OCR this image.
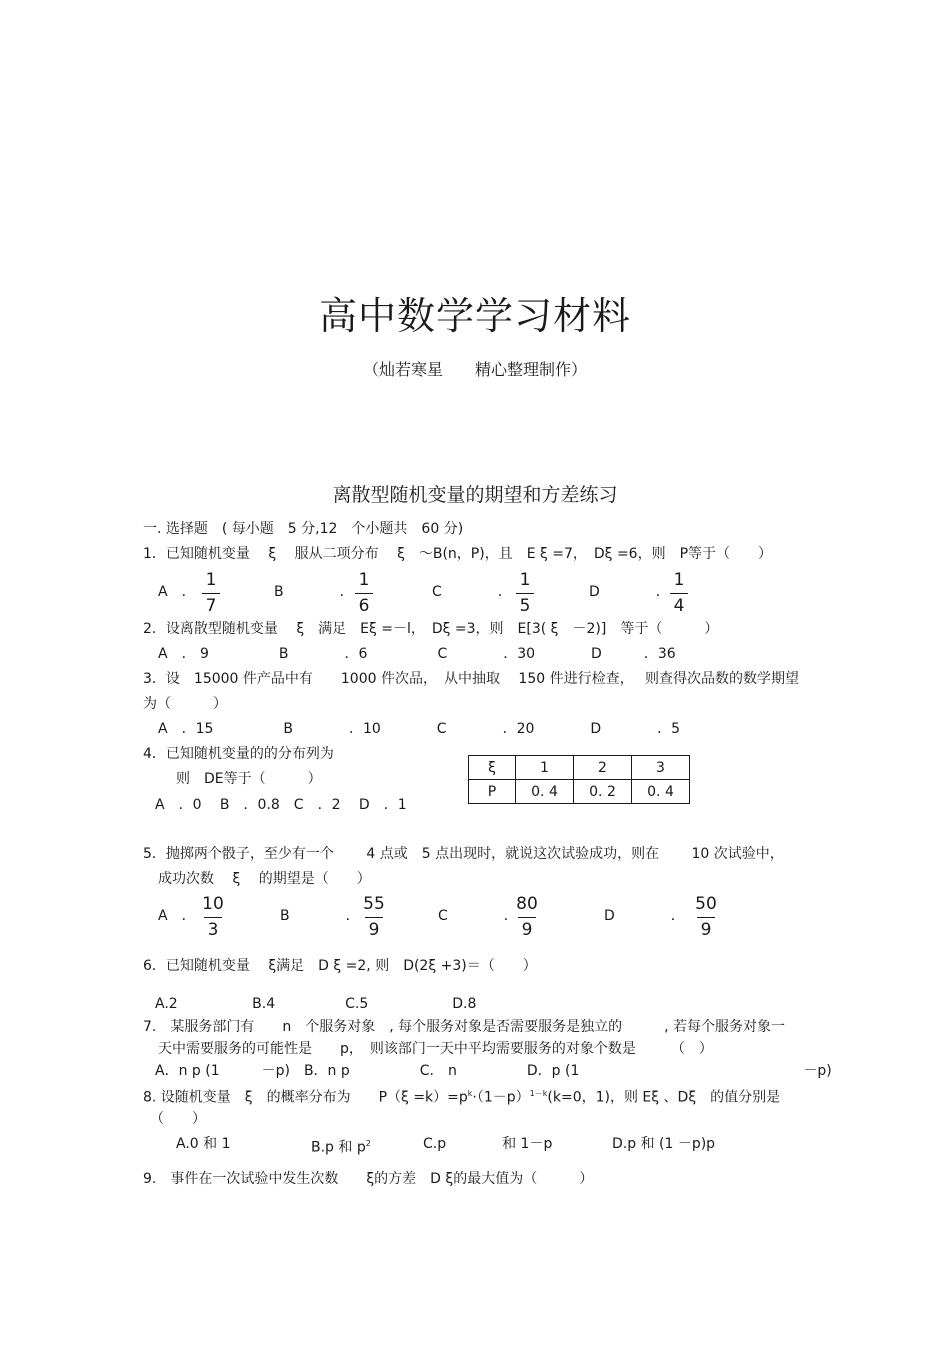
高中数学学习材料
（灿若寒星　　精心整理制作）
离散型随机变量的期望和方差练习
一. 选择题　( 每小题　5 分,12　个小题共　60 分)
1．已知随机变量　 ξ　 服从二项分布　 ξ　～B(n，P)，且　E ξ =7，　Dξ =6，则　P等于（　　）
A　．
1
7
B　　　　．
1
6
C　　　　．
1
5
D　　　　．
1
4
2．设离散型随机变量　 ξ　满足　Eξ =－l，　Dξ =3，则　E[3( ξ　－2)]　等于（　　　）
A　． 9　　　　　B　　　　．6　　　　　C　　　　．30　　　　D　　　．36
3．设　15000 件产品中有　　1000 件次品，　从中抽取　 150 件进行检查，　 则查得次品数的数学期望
为（　　　）
A　．15　　　　　B　　　　．10　　　　C　　　　．20　　　　D　　　　．5
4．已知随机变量的的分布列为
则　DE等于（　　　）
A　．0　 B　．0.8　C　．2　 D　．1
ξ	1	2	3
P	0. 4	0. 2	0. 4
5．抛掷两个骰子，至少有一个　　 4 点或　5 点出现时，就说这次试验成功，则在　　 10 次试验中，
成功次数　 ξ　 的期望是（　　）
A　．
10
3
B　　　　．
55
9
C　　　　．
80
9
D　　　　．
50
9
6．已知随机变量　 ξ满足　D ξ =2, 则　D(2ξ +3)＝（　　）
A.2　　　　　 B.4　　　　　C.5　　　　　　D.8
7.　某服务部门有　　n　个服务对象　, 每个服务对象是否需要服务是独立的　　　, 若每个服务对象一
天中需要服务的可能性是　　p，　则该部门一天中平均需要服务的对象个数是　　　（　）
A．n p (1　　　－p)　B．n p　　　　　C.　n　　　　　D．p (1　　　　　　　　　　　　　　　　－p)
8. 设随机变量　ξ　的概率分布为　　$P(\xi =k)=p^k\cdot(1-p)^{1-k}(k=0$，1)，则 Eξ 、Dξ　的值分别是
（　　）
A.0 和 1	B.p 和 $p^2$	C.p　　　　和 1－p	D.p 和 (1 －p)p
9.　事件在一次试验中发生次数　　ξ的方差　D ξ的最大值为（　　　）
